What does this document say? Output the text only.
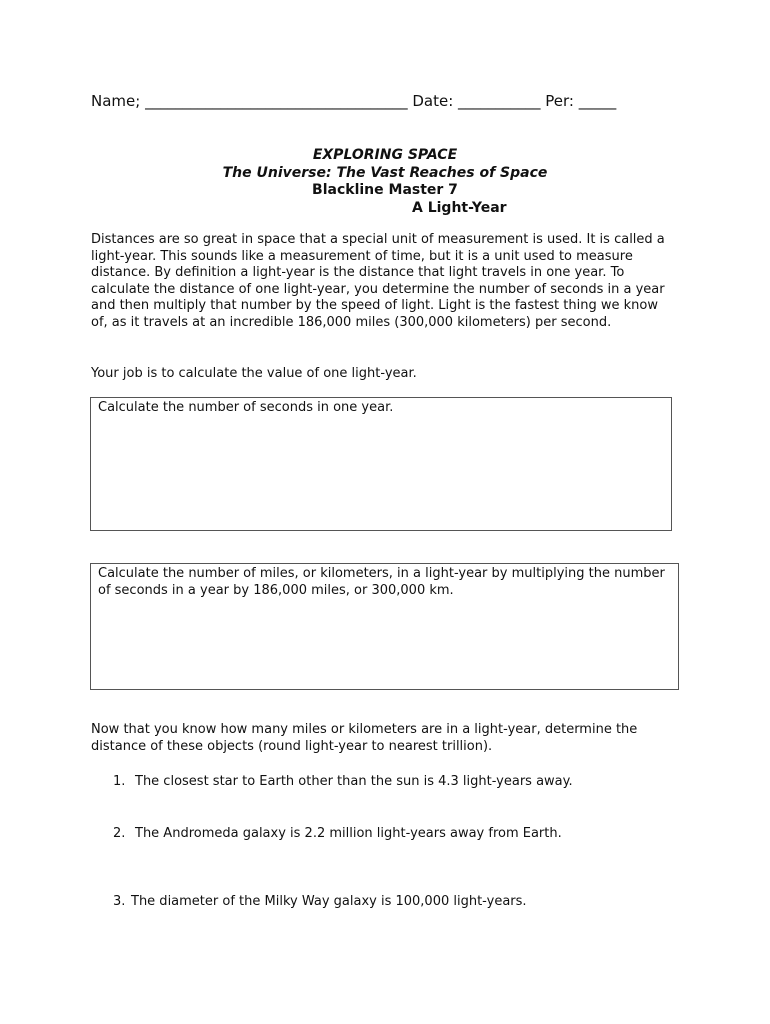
Name; ___________________________________ Date: ___________ Per: _____
EXPLORING SPACE
The Universe: The Vast Reaches of Space
Blackline Master 7
A Light-Year
Distances are so great in space that a special unit of measurement is used. It is called a light-year. This sounds like a measurement of time, but it is a unit used to measure distance. By definition a light-year is the distance that light travels in one year. To calculate the distance of one light-year, you determine the number of seconds in a year and then multiply that number by the speed of light. Light is the fastest thing we know of, as it travels at an incredible 186,000 miles (300,000 kilometers) per second.
Your job is to calculate the value of one light-year.
Calculate the number of seconds in one year.
Calculate the number of miles, or kilometers, in a light-year by multiplying the number of seconds in a year by 186,000 miles, or 300,000 km.
Now that you know how many miles or kilometers are in a light-year, determine the distance of these objects (round light-year to nearest trillion).
1. The closest star to Earth other than the sun is 4.3 light-years away.
2. The Andromeda galaxy is 2.2 million light-years away from Earth.
3. The diameter of the Milky Way galaxy is 100,000 light-years.
